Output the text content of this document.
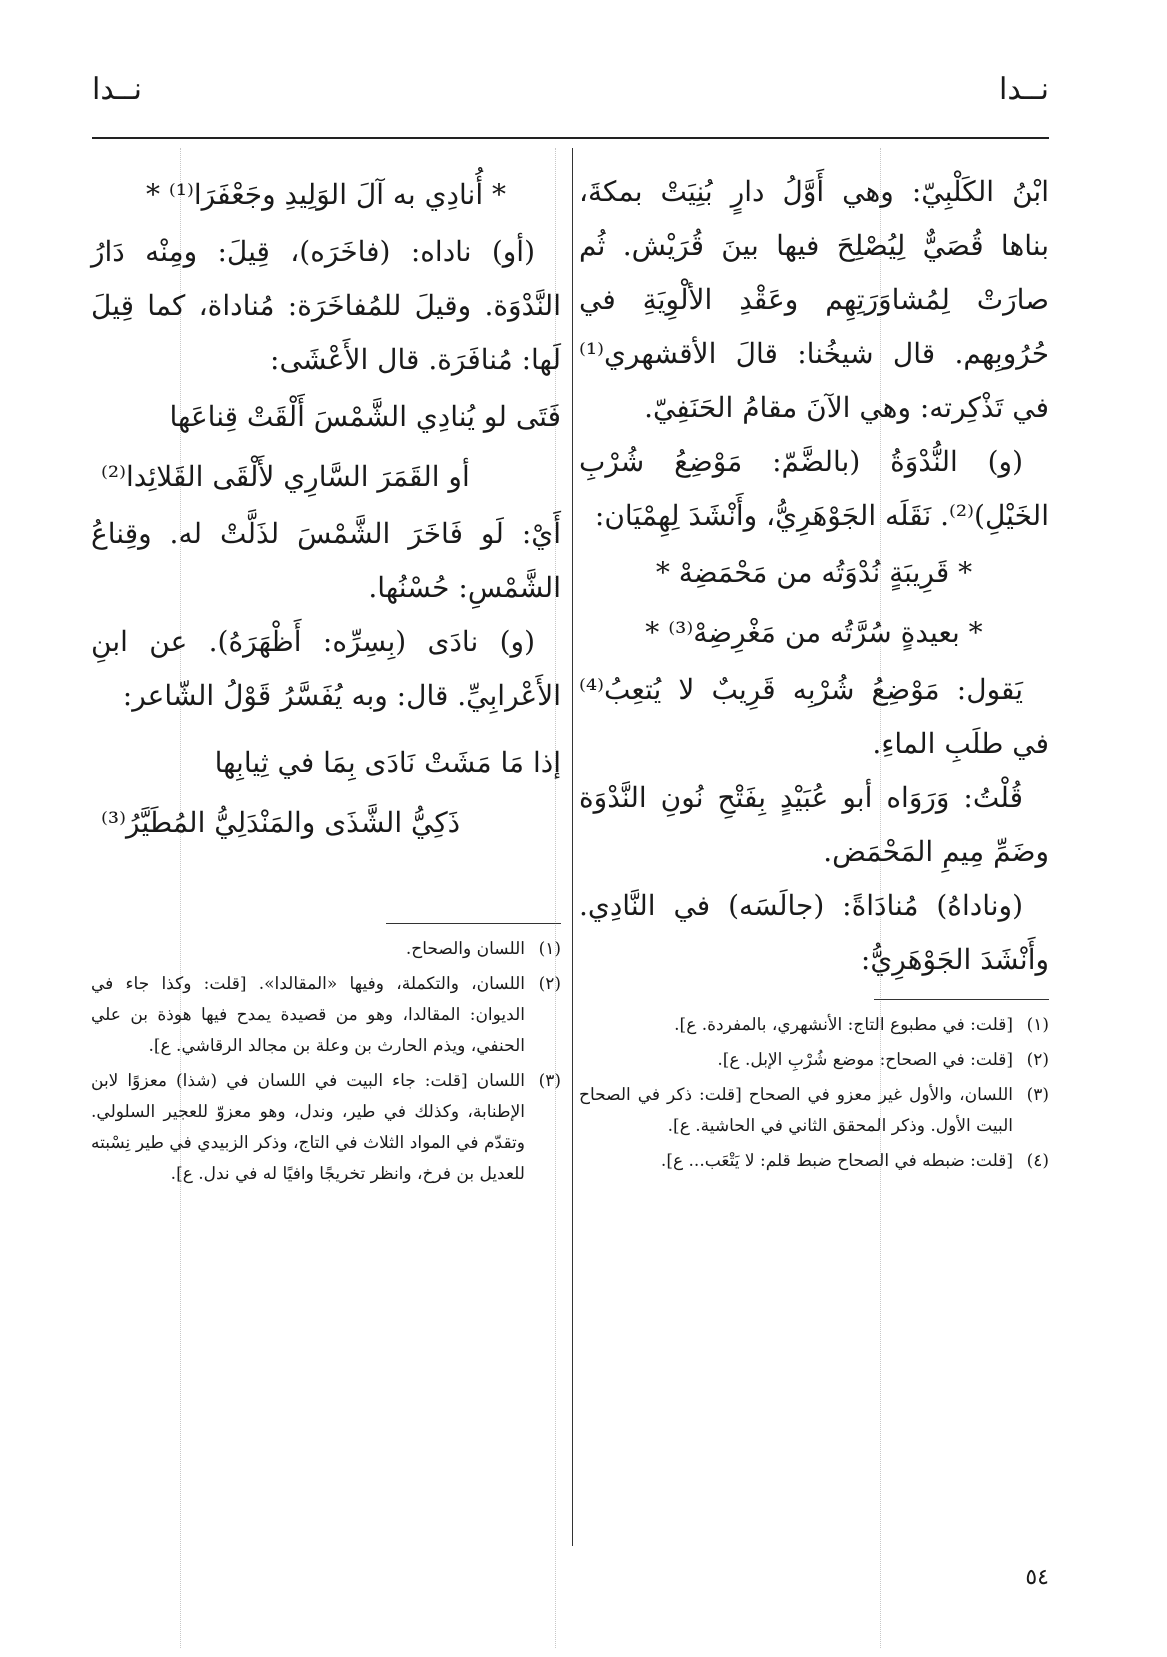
نــدا
نــدا

ابْنُ الكَلْبِيّ: وهي أَوَّلُ دارٍ بُنِيَتْ بمكةَ، بناها قُصَيٌّ لِيُصْلِحَ فيها بينَ قُرَيْش. ثُم صارَتْ لِمُشاوَرَتِهِم وعَقْدِ الألْوِيَةِ في حُرُوبِهم. قال شيخُنا: قالَ الأقشهري⁽¹⁾ في تَذْكِرته: وهي الآنَ مقامُ الحَنَفِيّ.

(و) النُّدْوَةُ (بالضَّمّ: مَوْضِعُ شُرْبِ الخَيْلِ)⁽²⁾. نَقَلَه الجَوْهَرِيُّ، وأَنْشَدَ لِهِمْيَان:

* قَرِيبَةٍ نُدْوَتُه من مَحْمَضِهْ *

* بعيدةٍ سُرَّتُه من مَغْرِضِهْ⁽³⁾ *

يَقول: مَوْضِعُ شُرْبِه قَرِيبٌ لا يُتعِبُ⁽⁴⁾ في طلَبِ الماءِ.

قُلْتُ: وَرَوَاه أبو عُبَيْدٍ بِفَتْحِ نُونِ النَّدْوَة وضَمِّ مِيمِ المَحْمَض.

(وناداهُ) مُنادَاةً: (جالَسَه) في النَّادِي. وأَنْشَدَ الجَوْهَرِيُّ:

(١)
[قلت: في مطبوع التاج: الأنشهري، بالمفردة. ع].
(٢)
[قلت: في الصحاح: موضع شُرْبِ الإبل. ع].
(٣)
اللسان، والأول غير معزو في الصحاح [قلت: ذكر في الصحاح البيت الأول. وذكر المحقق الثاني في الحاشية. ع].
(٤)
[قلت: ضبطه في الصحاح ضبط قلم: لا يَتْعَب... ع].

* أُنادِي به آلَ الوَلِيدِ وجَعْفَرَا⁽¹⁾ *

(أو) ناداه: (فاخَرَه)، قِيلَ: ومِنْه دَارُ النَّدْوَة. وقيلَ للمُفاخَرَة: مُناداة، كما قِيلَ لَها: مُنافَرَة. قال الأَعْشَى:

فَتَى لو يُنادِي الشَّمْسَ أَلْقَتْ قِناعَها

أو القَمَرَ السَّارِي لأَلْقَى القَلائِدا⁽²⁾

أَيْ: لَو فَاخَرَ الشَّمْسَ لذَلَّتْ له. وقِناعُ الشَّمْسِ: حُسْنُها.

(و) نادَى (بِسِرِّه: أَظْهَرَهُ). عن ابنِ الأَعْرابِيِّ. قال: وبه يُفَسَّرُ قَوْلُ الشّاعر:

إذا مَا مَشَتْ نَادَى بِمَا في ثِيابِها

ذَكِيُّ الشَّذَى والمَنْدَلِيُّ المُطَيَّرُ⁽³⁾

(١)
اللسان والصحاح.
(٢)
اللسان، والتكملة، وفيها «المقالدا». [قلت: وكذا جاء في الديوان: المقالدا، وهو من قصيدة يمدح فيها هوذة بن علي الحنفي، ويذم الحارث بن وعلة بن مجالد الرقاشي. ع].
(٣)
اللسان [قلت: جاء البيت في اللسان في (شذا) معزوًا لابن الإطنابة، وكذلك في طير، وندل، وهو معزوّ للعجير السلولي. وتقدّم في المواد الثلاث في التاج، وذكر الزبيدي في طير نِسْبته للعديل بن فرخ، وانظر تخريجًا وافيًا له في ندل. ع].
٥٤
